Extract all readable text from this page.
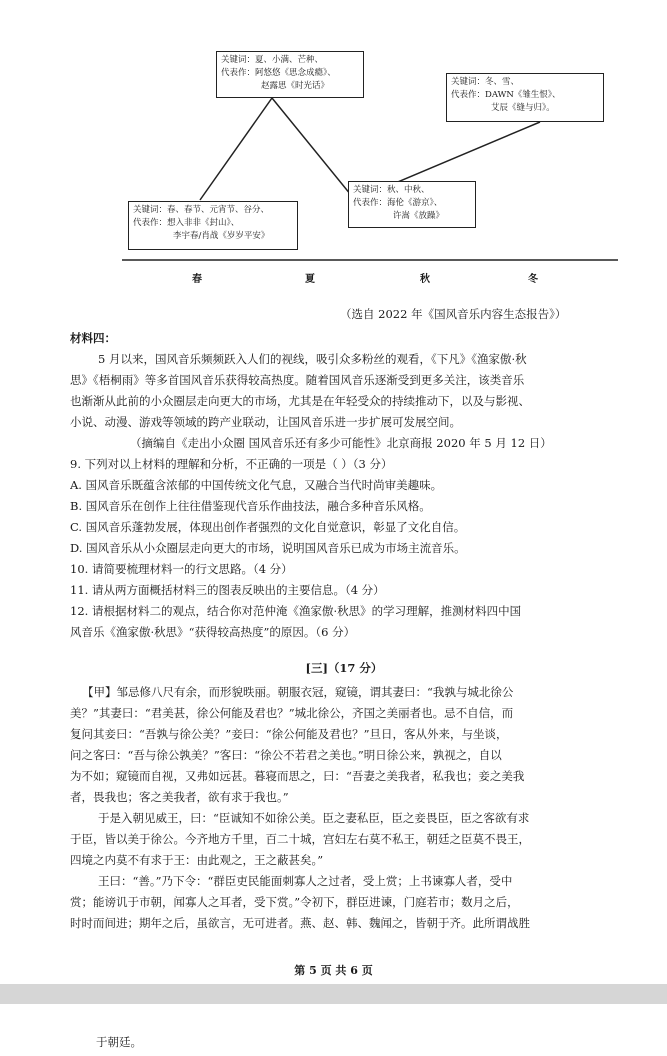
关键词：夏、小满、芒种、
代表作：阿悠悠《思念成瘾》、
赵露思《时光话》	关键词：冬、雪、
代表作：DAWN《雏生恨》、
艾辰《缝与归》。
关键词：秋、中秋、
代表作：海伦《游京》、
许嵩《放躁》
关键词：春、春节、元宵节、谷分、
代表作：想入非非《封山》、
李宇春/肖战《岁岁平安》
春	夏	秋	冬
（选自 2022 年《国风音乐内容生态报告》）
材料四：
5 月以来，国风音乐频频跃入人们的视线，吸引众多粉丝的观看，《下凡》《渔家傲·秋
思》《梧桐雨》等多首国风音乐获得较高热度。随着国风音乐逐渐受到更多关注，该类音乐
也渐渐从此前的小众圈层走向更大的市场，尤其是在年轻受众的持续推动下，以及与影视、
小说、动漫、游戏等领域的跨产业联动，让国风音乐进一步扩展可发展空间。
（摘编自《走出小众圈 国风音乐还有多少可能性》北京商报 2020 年 5 月 12 日）
9. 下列对以上材料的理解和分析，不正确的一项是（ ）（3 分）
A. 国风音乐既蕴含浓郁的中国传统文化气息，又融合当代时尚审美趣味。
B. 国风音乐在创作上往往借鉴现代音乐作曲技法，融合多种音乐风格。
C. 国风音乐蓬勃发展，体现出创作者强烈的文化自觉意识，彰显了文化自信。
D. 国风音乐从小众圈层走向更大的市场，说明国风音乐已成为市场主流音乐。
10. 请简要梳理材料一的行文思路。（4 分）
11. 请从两方面概括材料三的图表反映出的主要信息。（4 分）
12. 请根据材料二的观点，结合你对范仲淹《渔家傲·秋思》的学习理解，推测材料四中国
风音乐《渔家傲·秋思》“获得较高热度”的原因。（6 分）
[三]（17 分）
【甲】邹忌修八尺有余，而形貌昳丽。朝服衣冠，窥镜，谓其妻曰：“我孰与城北徐公
美？”其妻曰：“君美甚，徐公何能及君也？”城北徐公，齐国之美丽者也。忌不自信，而
复问其妾曰：“吾孰与徐公美？”妾曰：“徐公何能及君也？”旦日，客从外来，与坐谈，
问之客曰：“吾与徐公孰美？”客曰：“徐公不若君之美也。”明日徐公来，孰视之，自以
为不如；窥镜而自视，又弗如远甚。暮寝而思之，曰：“吾妻之美我者，私我也；妾之美我
者，畏我也；客之美我者，欲有求于我也。”
于是入朝见威王，曰：“臣诚知不如徐公美。臣之妻私臣，臣之妾畏臣，臣之客欲有求
于臣，皆以美于徐公。今齐地方千里，百二十城，宫妇左右莫不私王，朝廷之臣莫不畏王，
四境之内莫不有求于王：由此观之，王之蔽甚矣。”
王曰：“善。”乃下令：“群臣吏民能面刺寡人之过者，受上赏；上书谏寡人者，受中
赏；能谤讥于市朝，闻寡人之耳者，受下赏。”令初下，群臣进谏，门庭若市；数月之后，
时时而间进；期年之后，虽欲言，无可进者。燕、赵、韩、魏闻之，皆朝于齐。此所谓战胜
第 5 页 共 6 页
于朝廷。
